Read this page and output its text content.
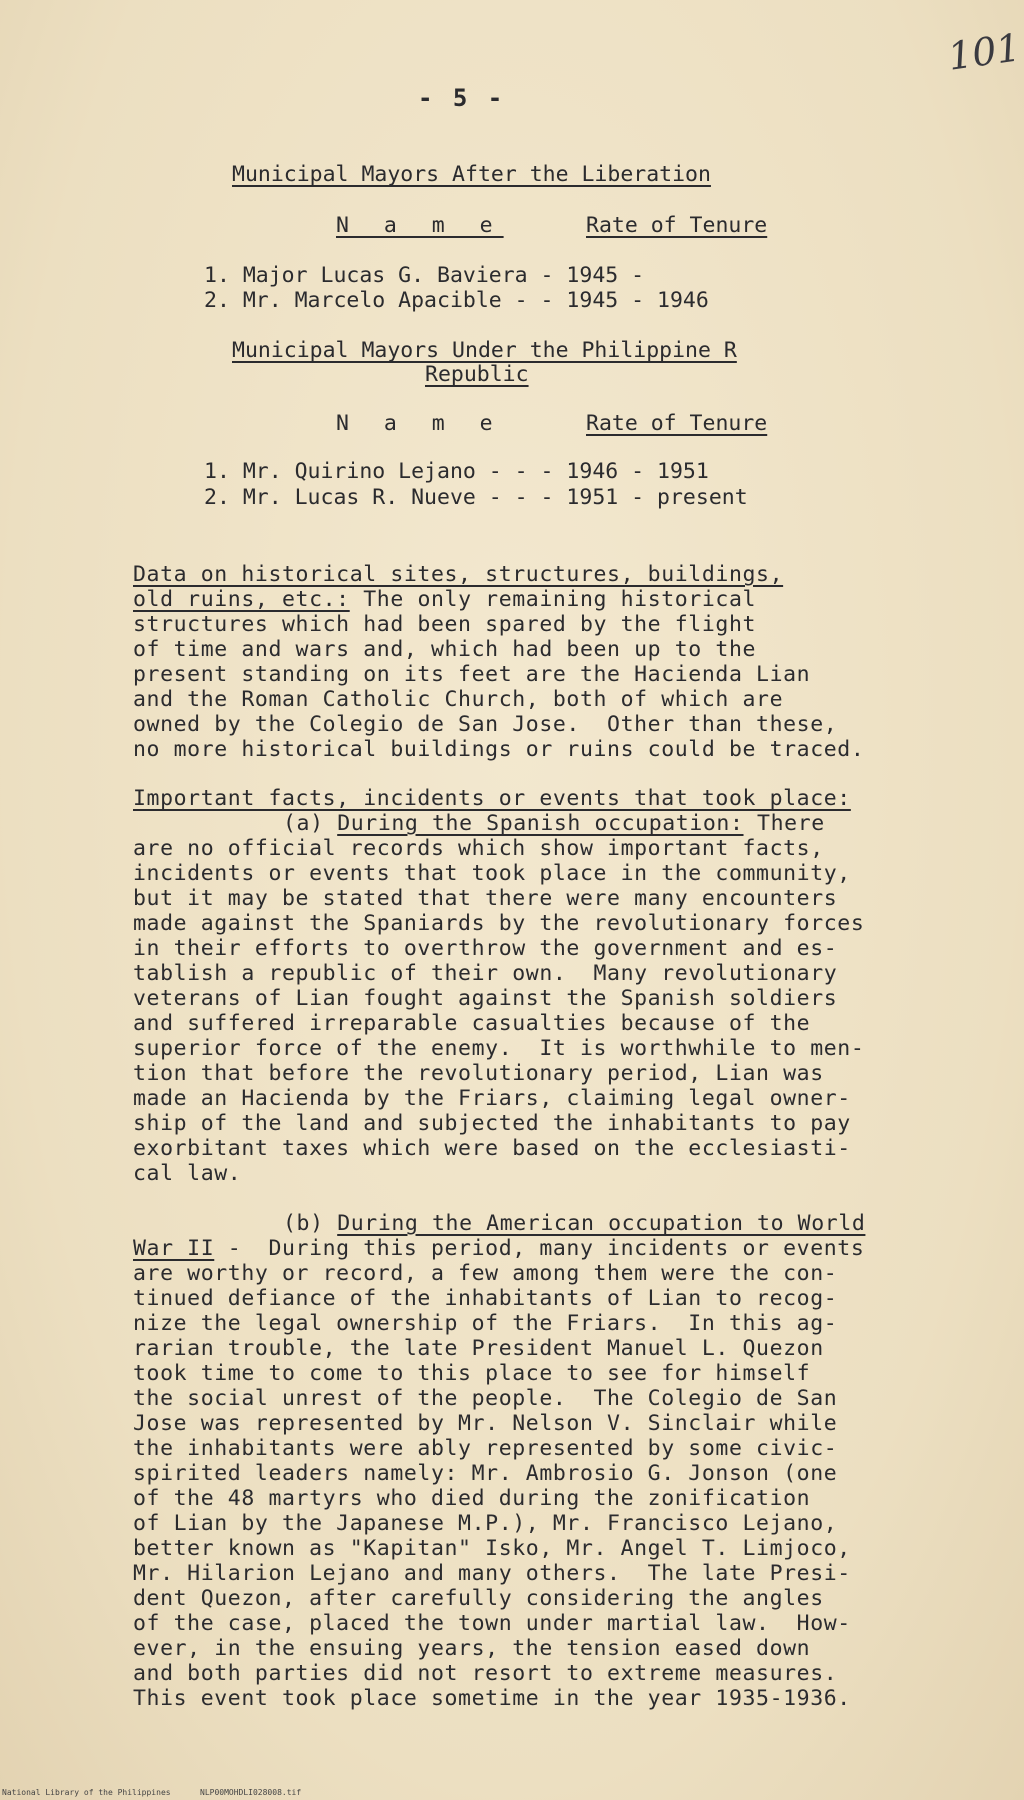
101
- 5 -
Municipal Mayors After the Liberation
N a m e	Rate of Tenure
1. Major Lucas G. Baviera - 1945 -
2. Mr. Marcelo Apacible - - 1945 - 1946
Municipal Mayors Under the Philippine R
Republic
N a m e	Rate of Tenure
1. Mr. Quirino Lejano - - - 1946 - 1951
2. Mr. Lucas R. Nueve - - - 1951 - present
Data on historical sites, structures, buildings,
old ruins, etc.: The only remaining historical
structures which had been spared by the flight
of time and wars and, which had been up to the
present standing on its feet are the Hacienda Lian
and the Roman Catholic Church, both of which are
owned by the Colegio de San Jose.  Other than these,
no more historical buildings or ruins could be traced.
Important facts, incidents or events that took place:
(a) During the Spanish occupation: There
are no official records which show important facts,
incidents or events that took place in the community,
but it may be stated that there were many encounters
made against the Spaniards by the revolutionary forces
in their efforts to overthrow the government and es-
tablish a republic of their own.  Many revolutionary
veterans of Lian fought against the Spanish soldiers
and suffered irreparable casualties because of the
superior force of the enemy.  It is worthwhile to men-
tion that before the revolutionary period, Lian was
made an Hacienda by the Friars, claiming legal owner-
ship of the land and subjected the inhabitants to pay
exorbitant taxes which were based on the ecclesiasti-
cal law.
(b) During the American occupation to World
War II -  During this period, many incidents or events
are worthy or record, a few among them were the con-
tinued defiance of the inhabitants of Lian to recog-
nize the legal ownership of the Friars.  In this ag-
rarian trouble, the late President Manuel L. Quezon
took time to come to this place to see for himself
the social unrest of the people.  The Colegio de San
Jose was represented by Mr. Nelson V. Sinclair while
the inhabitants were ably represented by some civic-
spirited leaders namely: Mr. Ambrosio G. Jonson (one
of the 48 martyrs who died during the zonification
of Lian by the Japanese M.P.), Mr. Francisco Lejano,
better known as "Kapitan" Isko, Mr. Angel T. Limjoco,
Mr. Hilarion Lejano and many others.  The late Presi-
dent Quezon, after carefully considering the angles
of the case, placed the town under martial law.  How-
ever, in the ensuing years, the tension eased down
and both parties did not resort to extreme measures.
This event took place sometime in the year 1935-1936.
National Library of the Philippines	NLP00MOHDLI028008.tif
